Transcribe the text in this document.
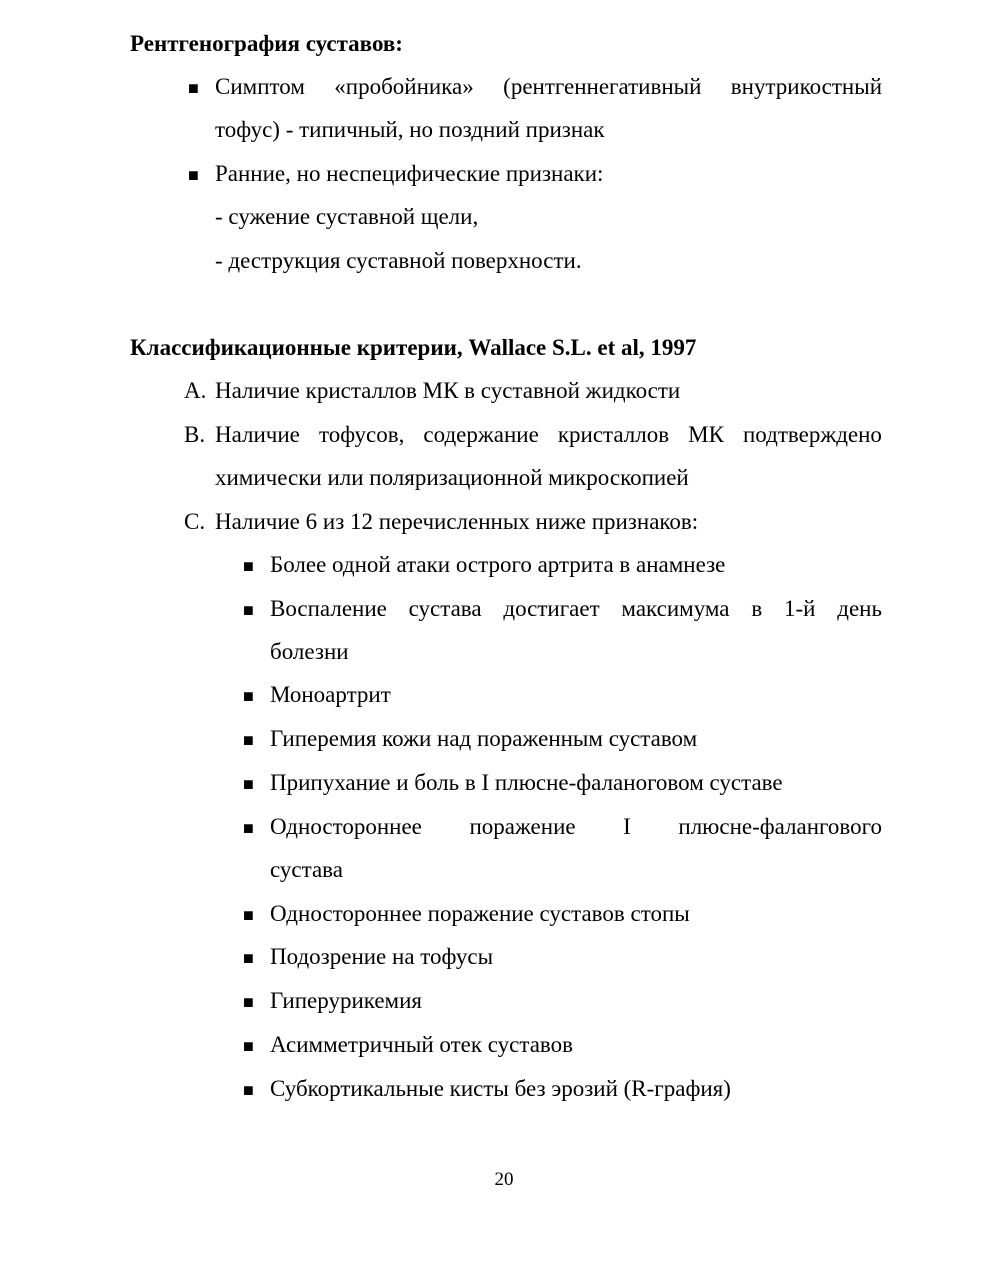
Рентгенография суставов:
■ Симптом «пробойника» (рентгеннегативный внутрикостный
тофус) - типичный, но поздний признак
■ Ранние, но неспецифические признаки:
- сужение суставной щели,
- деструкция суставной поверхности.
Классификационные критерии, Wallace S.L. et al, 1997
A. Наличие кристаллов МК в суставной жидкости
B. Наличие тофусов, содержание кристаллов МК подтверждено
химически или поляризационной микроскопией
C. Наличие 6 из 12 перечисленных ниже признаков:
■ Более одной атаки острого артрита в анамнезе
■ Воспаление сустава достигает максимума в 1-й день
болезни
■ Моноартрит
■ Гиперемия кожи над пораженным суставом
■ Припухание и боль в I плюсне-фаланоговом суставе
■ Одностороннее поражение I плюсне-фалангового
сустава
■ Одностороннее поражение суставов стопы
■ Подозрение на тофусы
■ Гиперурикемия
■ Асимметричный отек суставов
■ Субкортикальные кисты без эрозий (R-графия)
20
